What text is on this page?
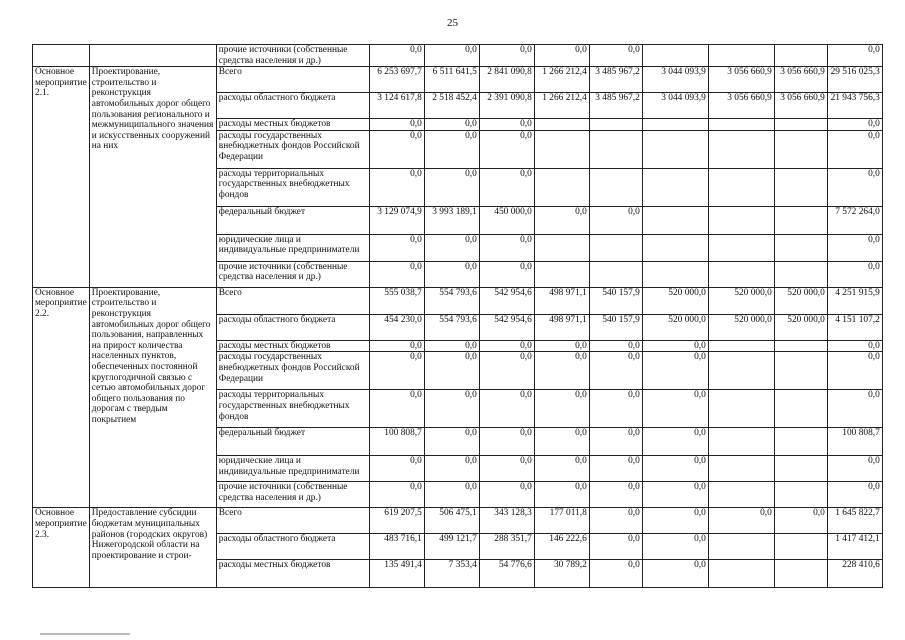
25
		прочие источники (собственные средства населения и др.)	0,0	0,0	0,0	0,0	0,0				0,0
Основное мероприятие 2.1.	Проектирование, строительство и реконструкция автомобильных дорог общего пользования регионального и межмуниципального значения и искусственных сооружений на них	Всего	6 253 697,7	6 511 641,5	2 841 090,8	1 266 212,4	3 485 967,2	3 044 093,9	3 056 660,9	3 056 660,9	29 516 025,3
		расходы областного бюджета	3 124 617,8	2 518 452,4	2 391 090,8	1 266 212,4	3 485 967,2	3 044 093,9	3 056 660,9	3 056 660,9	21 943 756,3
		расходы местных бюджетов	0,0	0,0	0,0						0,0
		расходы государственных внебюджетных фондов Российской Федерации	0,0	0,0	0,0						0,0
		расходы территориальных государственных внебюджетных фондов	0,0	0,0	0,0						0,0
		федеральный бюджет	3 129 074,9	3 993 189,1	450 000,0	0,0	0,0				7 572 264,0
		юридические лица и индивидуальные предприниматели	0,0	0,0	0,0						0,0
		прочие источники (собственные средства населения и др.)	0,0	0,0	0,0						0,0
Основное мероприятие 2.2.	Проектирование, строительство и реконструкция автомобильных дорог общего пользования, направленных на прирост количества населенных пунктов, обеспеченных постоянной круглогодичной связью с сетью автомобильных дорог общего пользования по дорогам с твердым покрытием	Всего	555 038,7	554 793,6	542 954,6	498 971,1	540 157,9	520 000,0	520 000,0	520 000,0	4 251 915,9
		расходы областного бюджета	454 230,0	554 793,6	542 954,6	498 971,1	540 157,9	520 000,0	520 000,0	520 000,0	4 151 107,2
		расходы местных бюджетов	0,0	0,0	0,0	0,0	0,0	0,0			0,0
		расходы государственных внебюджетных фондов Российской Федерации	0,0	0,0	0,0	0,0	0,0	0,0			0,0
		расходы территориальных государственных внебюджетных фондов	0,0	0,0	0,0	0,0	0,0	0,0			0,0
		федеральный бюджет	100 808,7	0,0	0,0	0,0	0,0	0,0			100 808,7
		юридические лица и индивидуальные предприниматели	0,0	0,0	0,0	0,0	0,0	0,0			0,0
		прочие источники (собственные средства населения и др.)	0,0	0,0	0,0	0,0	0,0	0,0			0,0
Основное мероприятие 2.3.	Предоставление субсидии бюджетам муниципальных районов (городских округов) Нижегородской области на проектирование и строи-	Всего	619 207,5	506 475,1	343 128,3	177 011,8	0,0	0,0	0,0	0,0	1 645 822,7
		расходы областного бюджета	483 716,1	499 121,7	288 351,7	146 222,6	0,0	0,0			1 417 412,1
		расходы местных бюджетов	135 491,4	7 353,4	54 776,6	30 789,2	0,0	0,0			228 410,6
